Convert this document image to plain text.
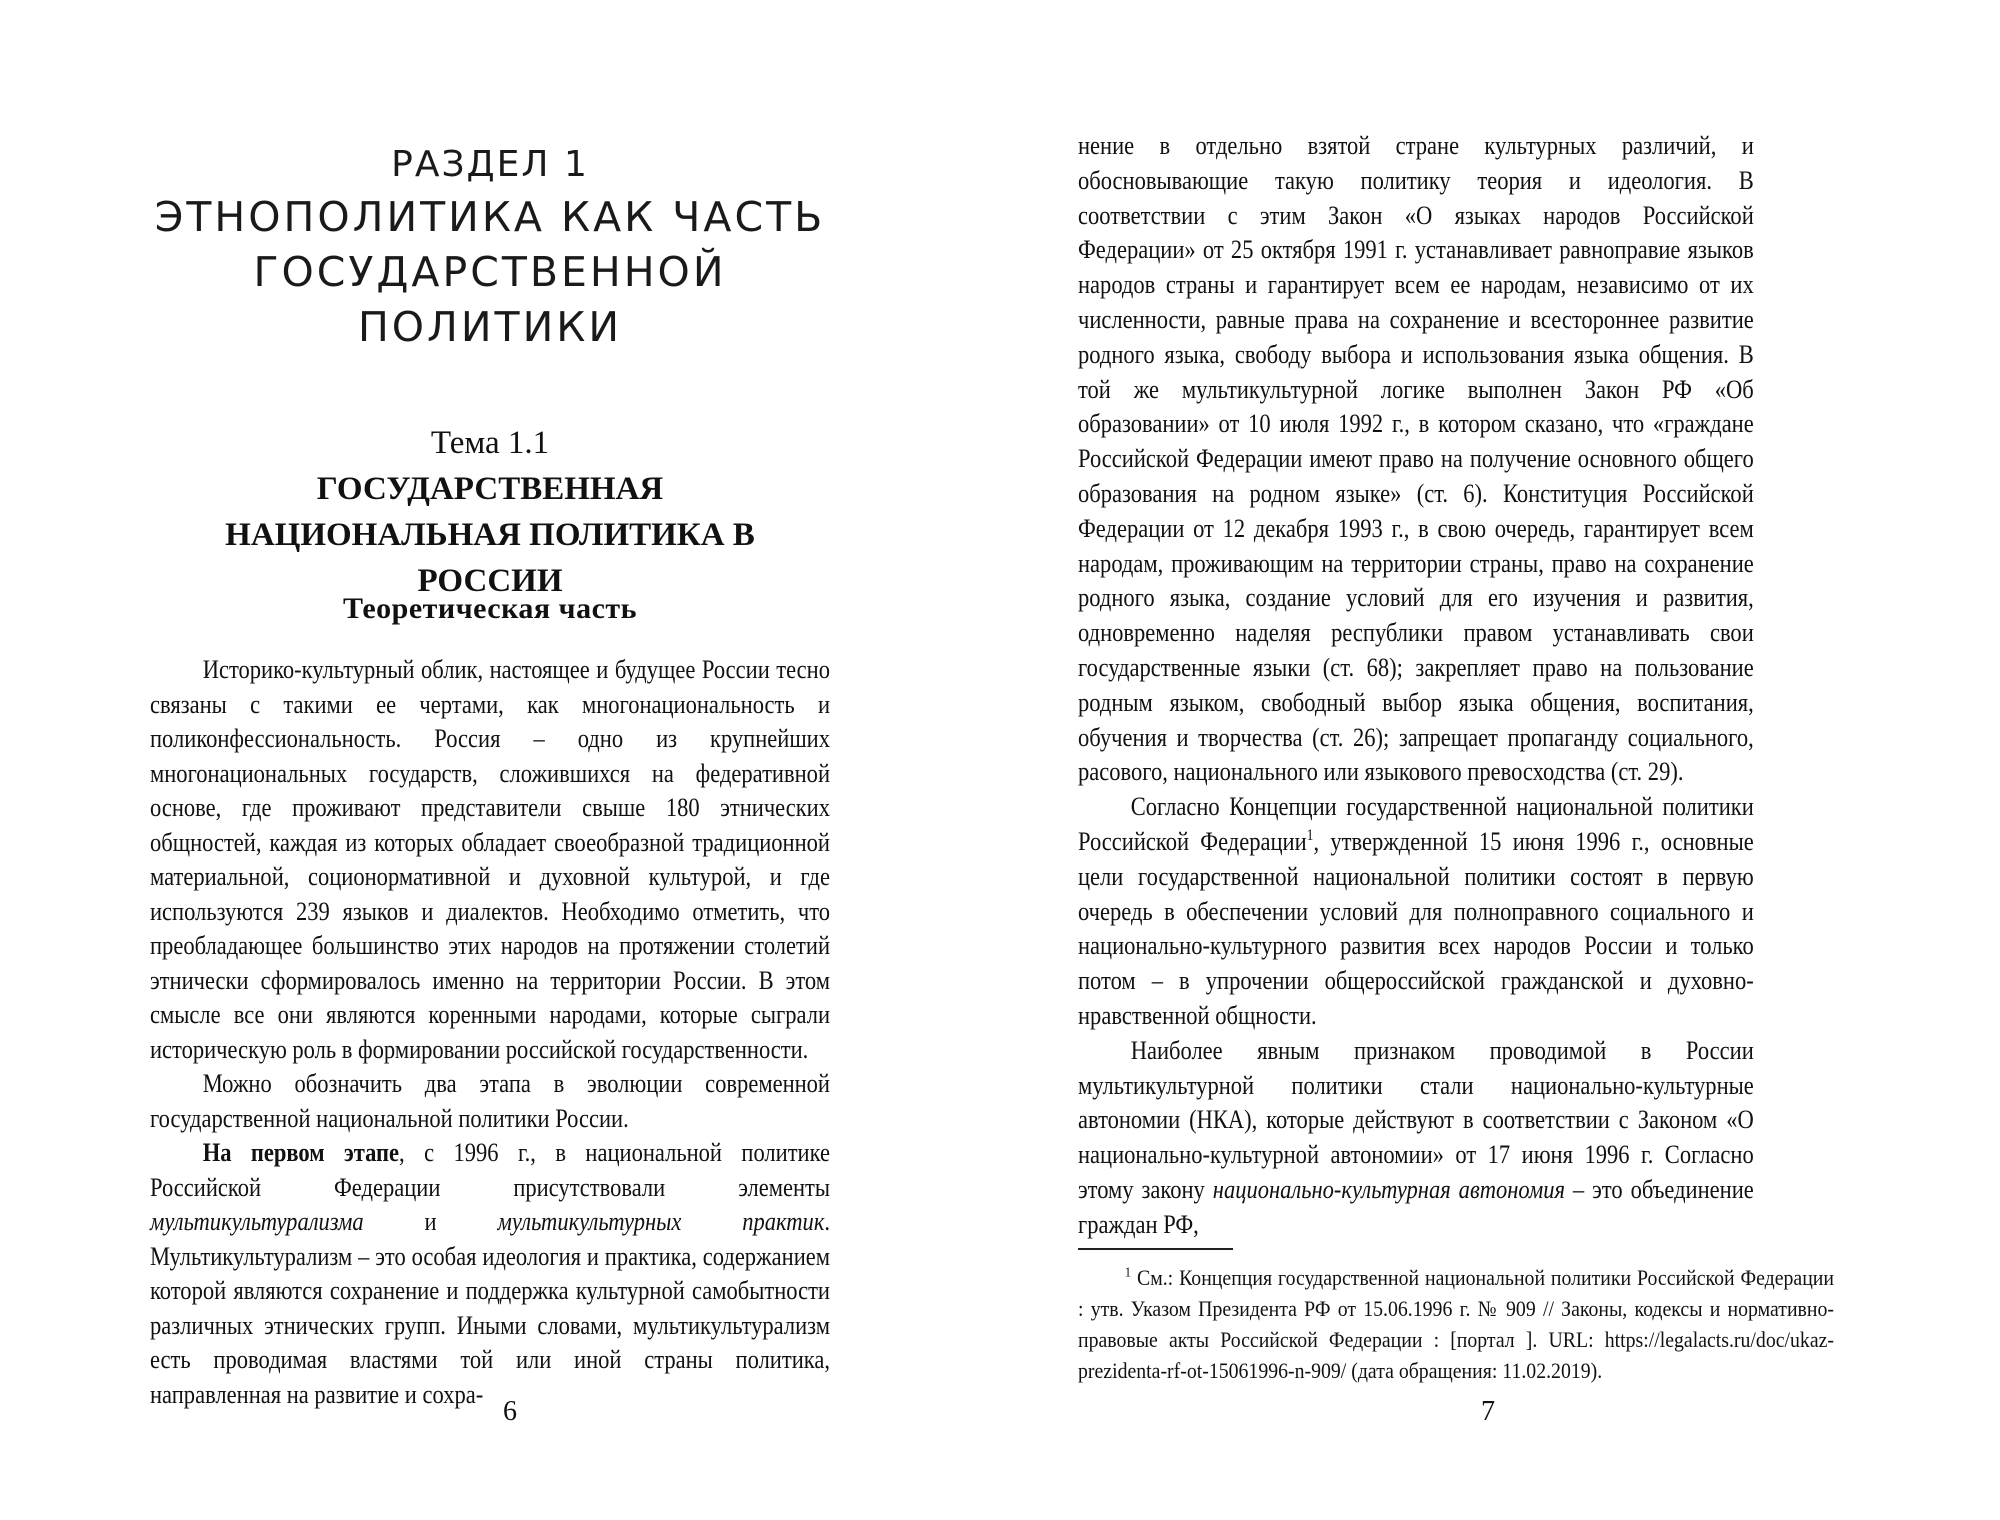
РАЗДЕЛ 1
ЭТНОПОЛИТИКА КАК ЧАСТЬ
ГОСУДАРСТВЕННОЙ ПОЛИТИКИ
Тема 1.1
ГОСУДАРСТВЕННАЯ
НАЦИОНАЛЬНАЯ ПОЛИТИКА В РОССИИ
Теоретическая часть

Историко-культурный облик, настоящее и будущее России тесно связаны с такими ее чертами, как многонациональность и поликонфессиональность. Россия – одно из крупнейших многонациональных государств, сложившихся на федеративной основе, где проживают представители свыше 180 этнических общностей, каждая из которых обладает своеобразной традиционной материальной, соционормативной и духовной культурой, и где используются 239 языков и диалектов. Необходимо отметить, что преобладающее большинство этих народов на протяжении столетий этнически сформировалось именно на территории России. В этом смысле все они являются коренными народами, которые сыграли историческую роль в формировании российской государственности.

Можно обозначить два этапа в эволюции современной государственной национальной политики России.

На первом этапе, с 1996 г., в национальной политике Российской Федерации присутствовали элементы мультикультурализма и мультикультурных практик. Мультикультурализм – это особая идеология и практика, содержанием которой являются сохранение и поддержка культурной самобытности различных этнических групп. Иными словами, мультикультурализм есть проводимая властями той или иной страны политика, направленная на развитие и сохра-

6

нение в отдельно взятой стране культурных различий, и обосновывающие такую политику теория и идеология. В соответствии с этим Закон «О языках народов Российской Федерации» от 25 октября 1991 г. устанавливает равноправие языков народов страны и гарантирует всем ее народам, независимо от их численности, равные права на сохранение и всестороннее развитие родного языка, свободу выбора и использования языка общения. В той же мультикультурной логике выполнен Закон РФ «Об образовании» от 10 июля 1992 г., в котором сказано, что «граждане Российской Федерации имеют право на получение основного общего образования на родном языке» (ст. 6). Конституция Российской Федерации от 12 декабря 1993 г., в свою очередь, гарантирует всем народам, проживающим на территории страны, право на сохранение родного языка, создание условий для его изучения и развития, одновременно наделяя республики правом устанавливать свои государственные языки (ст. 68); закрепляет право на пользование родным языком, свободный выбор языка общения, воспитания, обучения и творчества (ст. 26); запрещает пропаганду социального, расового, национального или языкового превосходства (ст. 29).

Согласно Концепции государственной национальной политики Российской Федерации$^1$, утвержденной 15 июня 1996 г., основные цели государственной национальной политики состоят в первую очередь в обеспечении условий для полноправного социального и национально-культурного развития всех народов России и только потом – в упрочении общероссийской гражданской и духовно-нравственной общности.

Наиболее явным признаком проводимой в России мультикультурной политики стали национально-культурные автономии (НКА), которые действуют в соответствии с Законом «О национально-культурной автономии» от 17 июня 1996 г. Согласно этому закону национально-культурная автономия – это объединение граждан РФ,

$^1$ См.: Концепция государственной национальной политики Российской Федерации : утв. Указом Президента РФ от 15.06.1996 г. № 909 // Законы, кодексы и нормативно-правовые акты Российской Федерации : [портал ]. URL: https://legalacts.ru/doc/ukaz-prezidenta-rf-ot-15061996-n-909/ (дата обращения: 11.02.2019).

7
